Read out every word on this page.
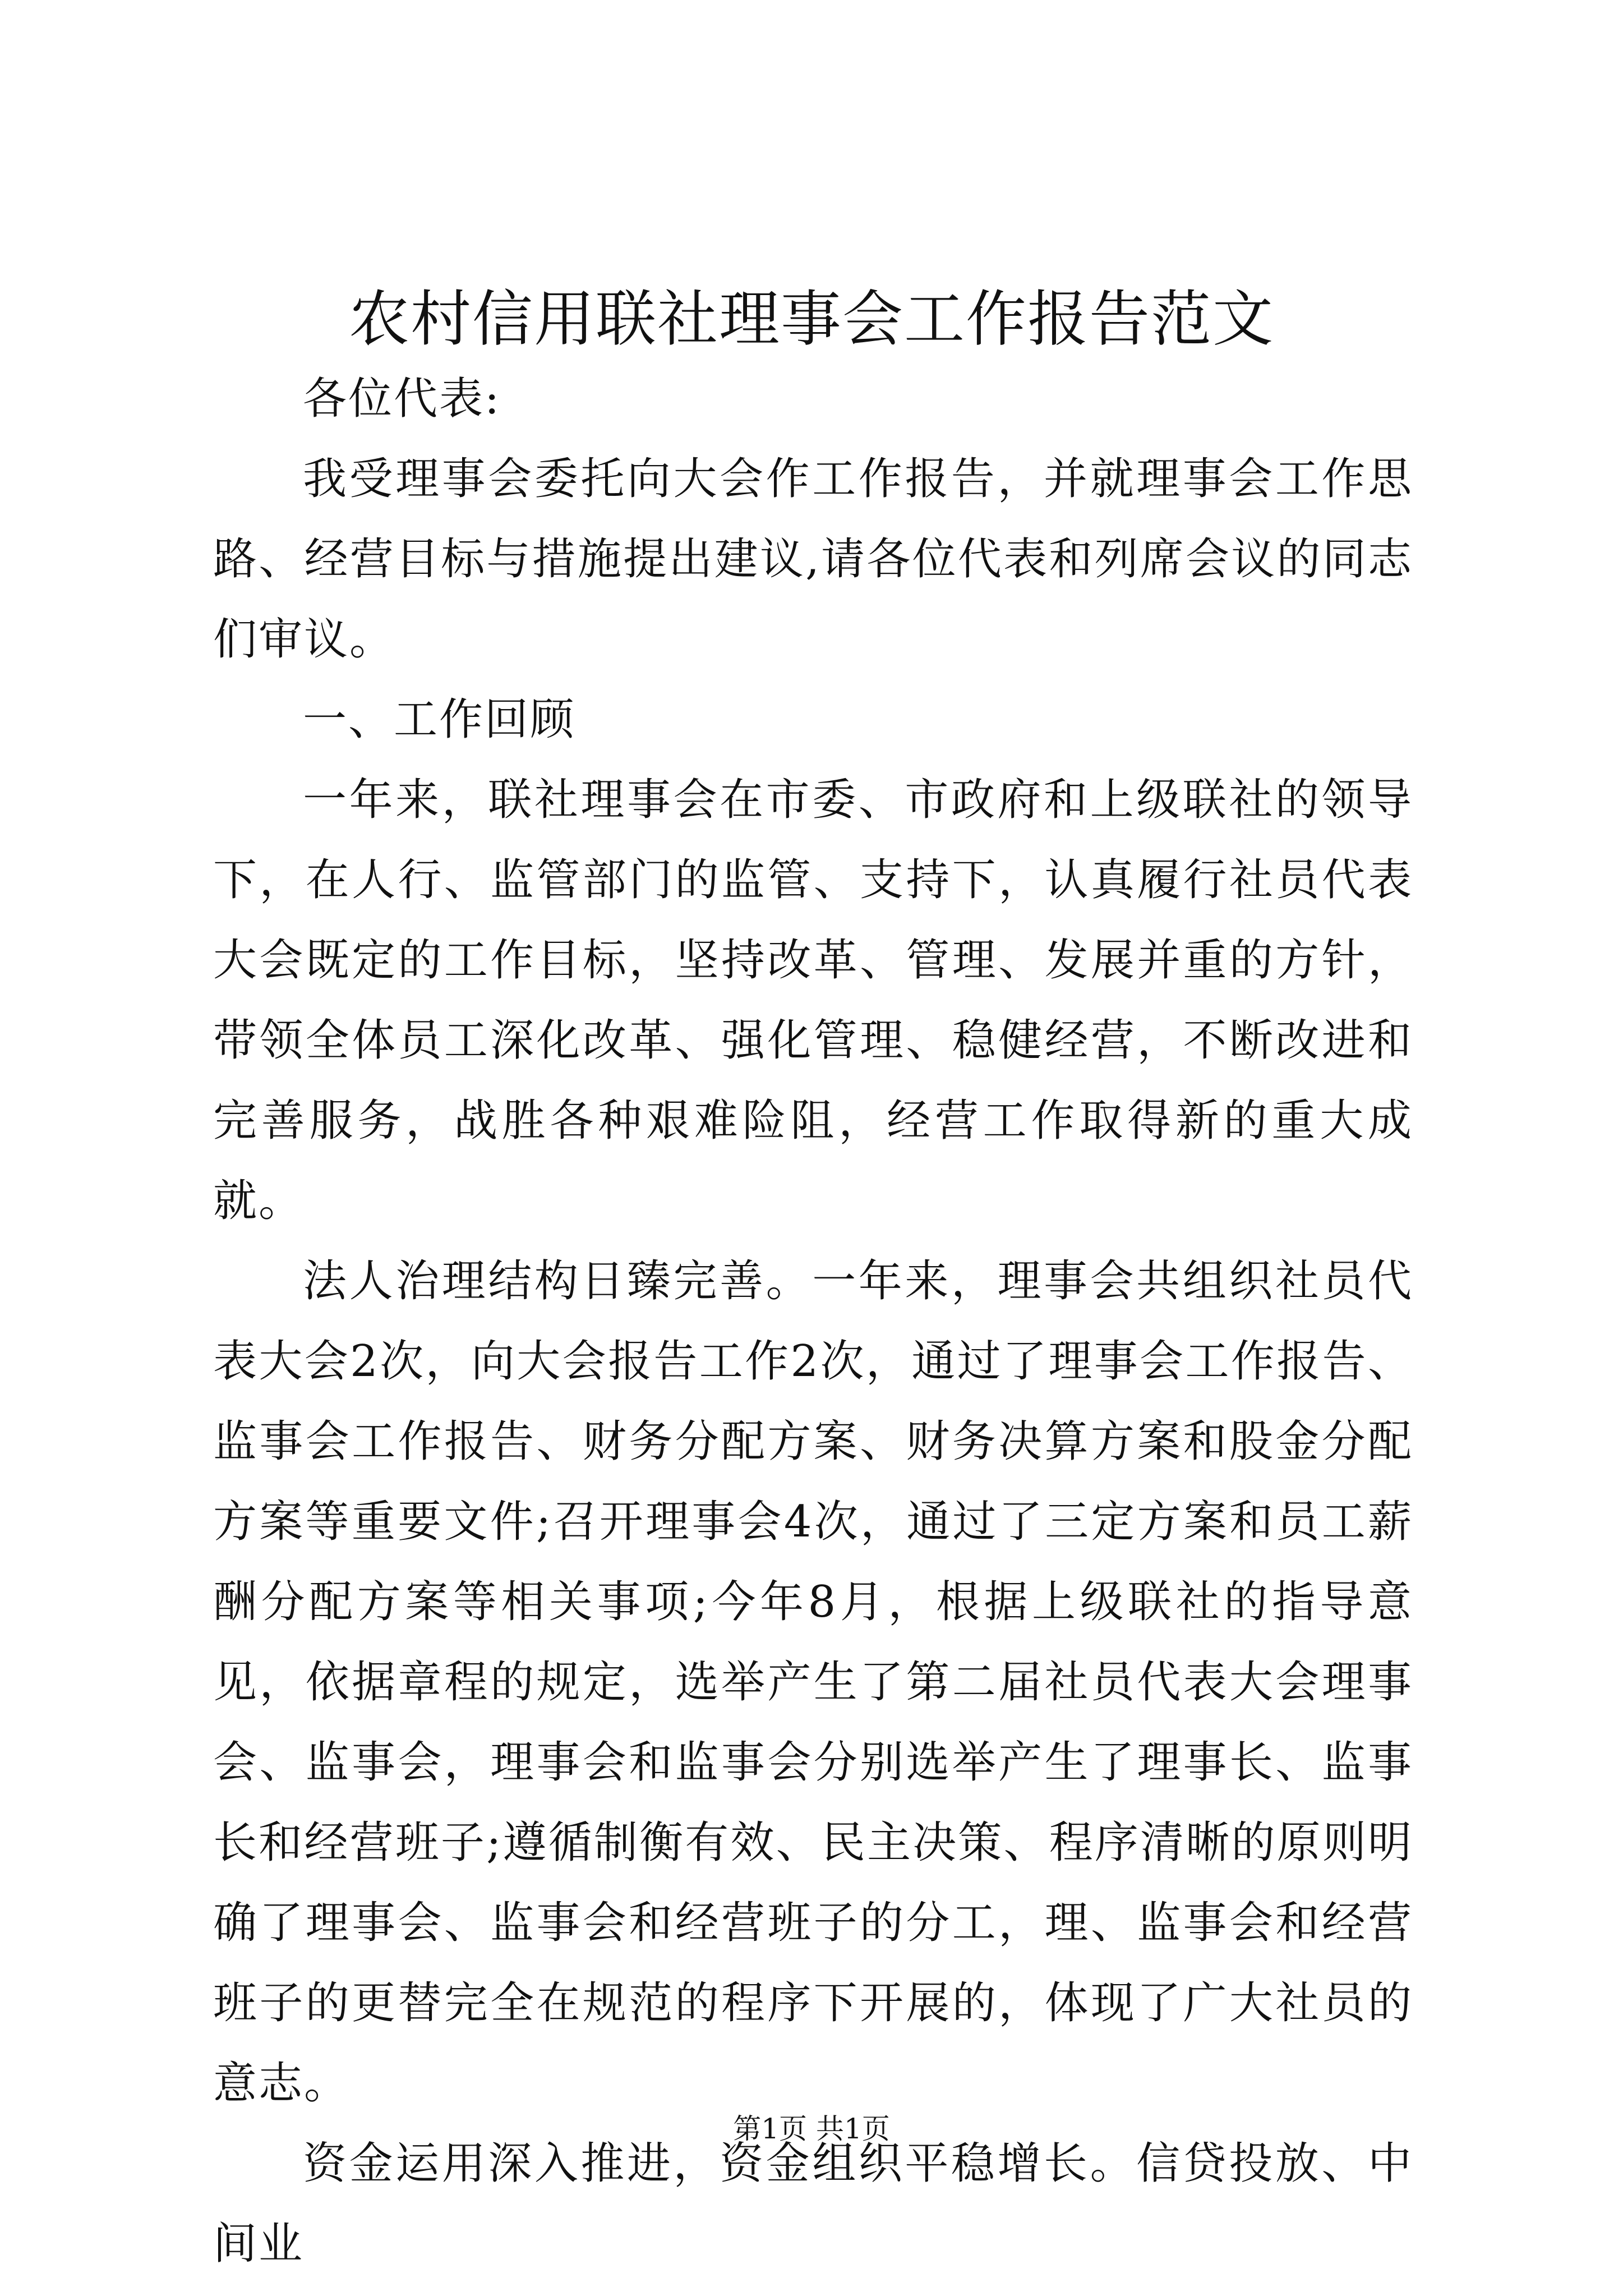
农村信用联社理事会工作报告范文

各位代表:

我受理事会委托向大会作工作报告，并就理事会工作思路、经营目标与措施提出建议,请各位代表和列席会议的同志们审议。

一、工作回顾

一年来，联社理事会在市委、市政府和上级联社的领导下，在人行、监管部门的监管、支持下，认真履行社员代表大会既定的工作目标，坚持改革、管理、发展并重的方针，带领全体员工深化改革、强化管理、稳健经营，不断改进和完善服务，战胜各种艰难险阻，经营工作取得新的重大成就。

法人治理结构日臻完善。一年来，理事会共组织社员代表大会2次，向大会报告工作2次，通过了理事会工作报告、监事会工作报告、财务分配方案、财务决算方案和股金分配方案等重要文件;召开理事会4次，通过了三定方案和员工薪酬分配方案等相关事项;今年8月，根据上级联社的指导意见，依据章程的规定，选举产生了第二届社员代表大会理事会、监事会，理事会和监事会分别选举产生了理事长、监事长和经营班子;遵循制衡有效、民主决策、程序清晰的原则明确了理事会、监事会和经营班子的分工，理、监事会和经营班子的更替完全在规范的程序下开展的，体现了广大社员的意志。

资金运用深入推进，资金组织平稳增长。信贷投放、中间业

第1页 共1页
